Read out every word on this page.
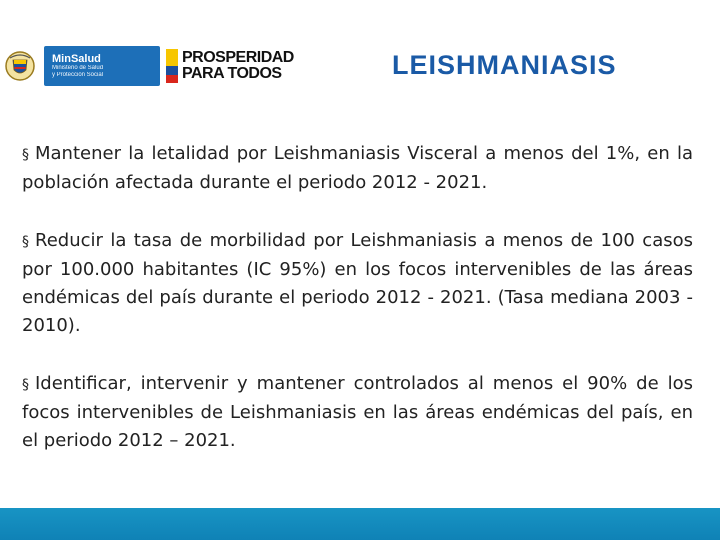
MinSalud
Ministerio de Salud
y Protección Social
PROSPERIDAD
PARA TODOS	LEISHMANIASIS

§ Mantener la letalidad por Leishmaniasis Visceral a menos del 1%, en la población afectada durante el periodo 2012 - 2021.

§ Reducir la tasa de morbilidad por Leishmaniasis a menos de 100 casos por 100.000 habitantes (IC 95%) en los focos intervenibles de las áreas endémicas del país durante el periodo 2012 - 2021. (Tasa mediana 2003 - 2010).

§ Identificar, intervenir y mantener controlados al menos el 90% de los focos intervenibles de Leishmaniasis en las áreas endémicas del país, en el periodo 2012 – 2021.
